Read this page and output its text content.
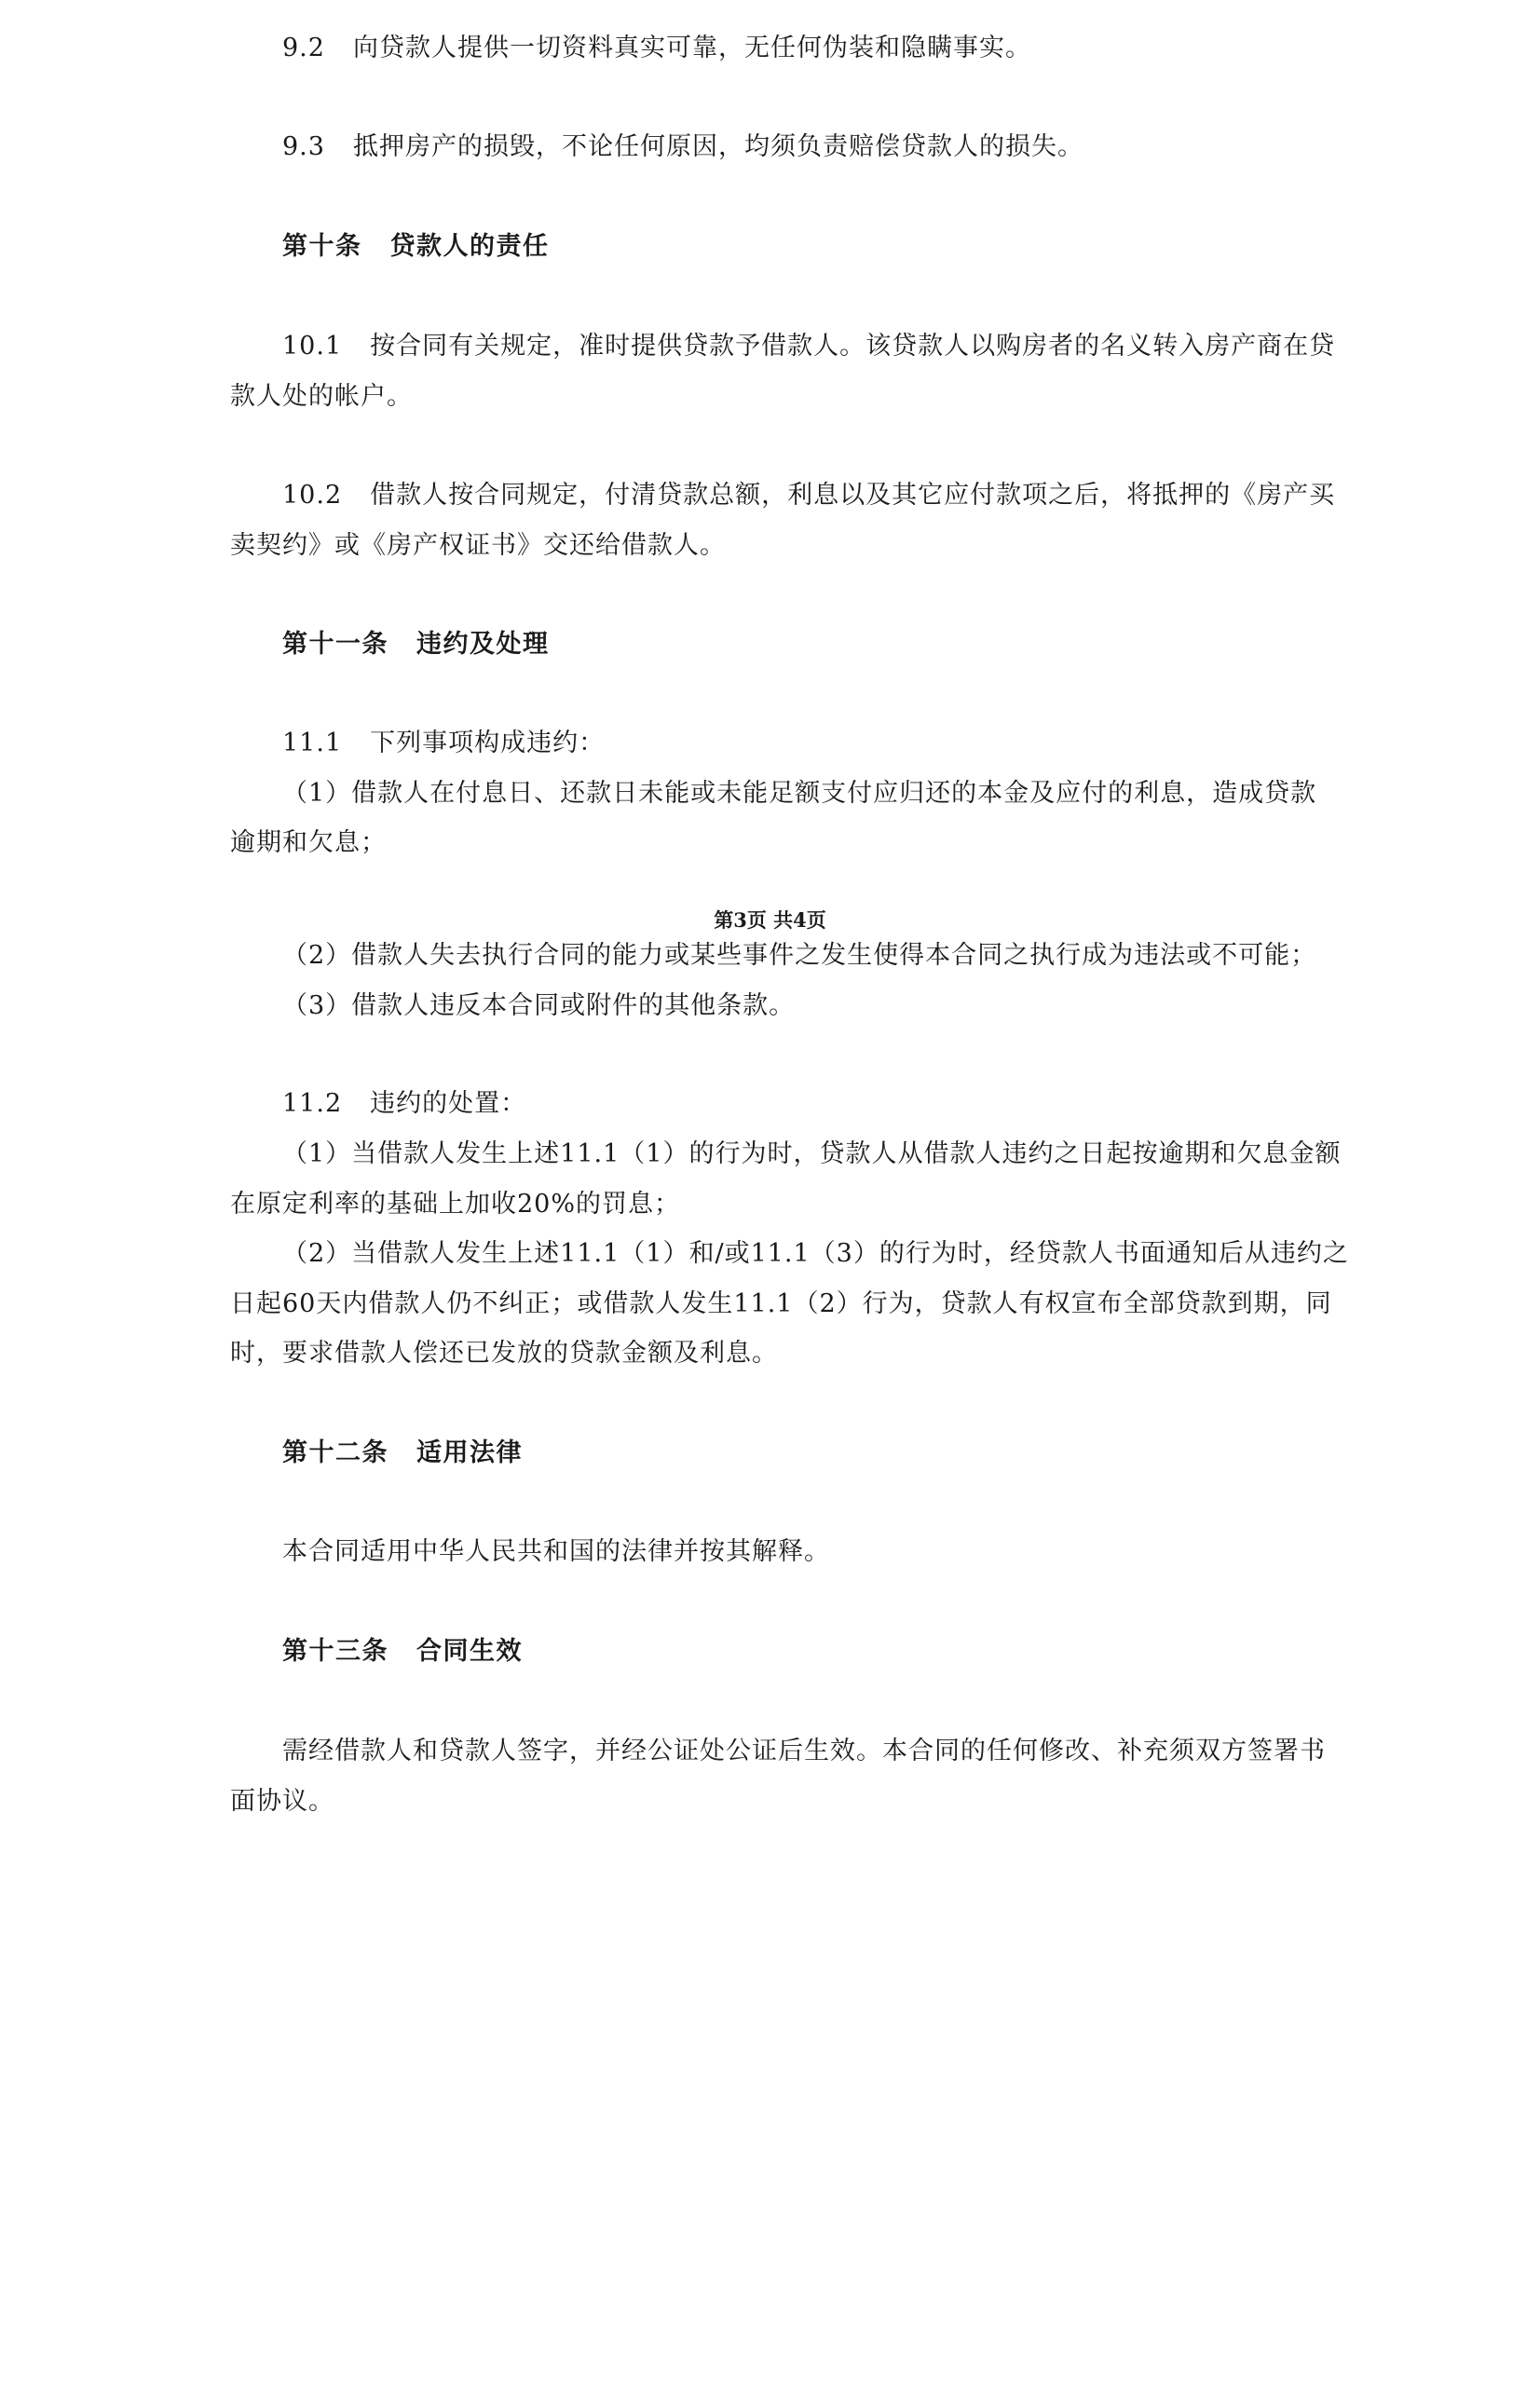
9.2 向贷款人提供一切资料真实可靠，无任何伪装和隐瞒事实。
9.3 抵押房产的损毁，不论任何原因，均须负责赔偿贷款人的损失。
第十条 贷款人的责任
10.1 按合同有关规定，准时提供贷款予借款人。该贷款人以购房者的名义转入房产商在贷
款人处的帐户。
10.2 借款人按合同规定，付清贷款总额，利息以及其它应付款项之后，将抵押的《房产买
卖契约》或《房产权证书》交还给借款人。
第十一条 违约及处理
11.1 下列事项构成违约：
（1）借款人在付息日、还款日未能或未能足额支付应归还的本金及应付的利息，造成贷款
逾期和欠息；
第3页 共4页
（2）借款人失去执行合同的能力或某些事件之发生使得本合同之执行成为违法或不可能；
（3）借款人违反本合同或附件的其他条款。
11.2 违约的处置：
（1）当借款人发生上述11.1（1）的行为时，贷款人从借款人违约之日起按逾期和欠息金额
在原定利率的基础上加收20%的罚息；
（2）当借款人发生上述11.1（1）和/或11.1（3）的行为时，经贷款人书面通知后从违约之
日起60天内借款人仍不纠正；或借款人发生11.1（2）行为，贷款人有权宣布全部贷款到期，同
时，要求借款人偿还已发放的贷款金额及利息。
第十二条 适用法律
本合同适用中华人民共和国的法律并按其解释。
第十三条 合同生效
需经借款人和贷款人签字，并经公证处公证后生效。本合同的任何修改、补充须双方签署书
面协议。
